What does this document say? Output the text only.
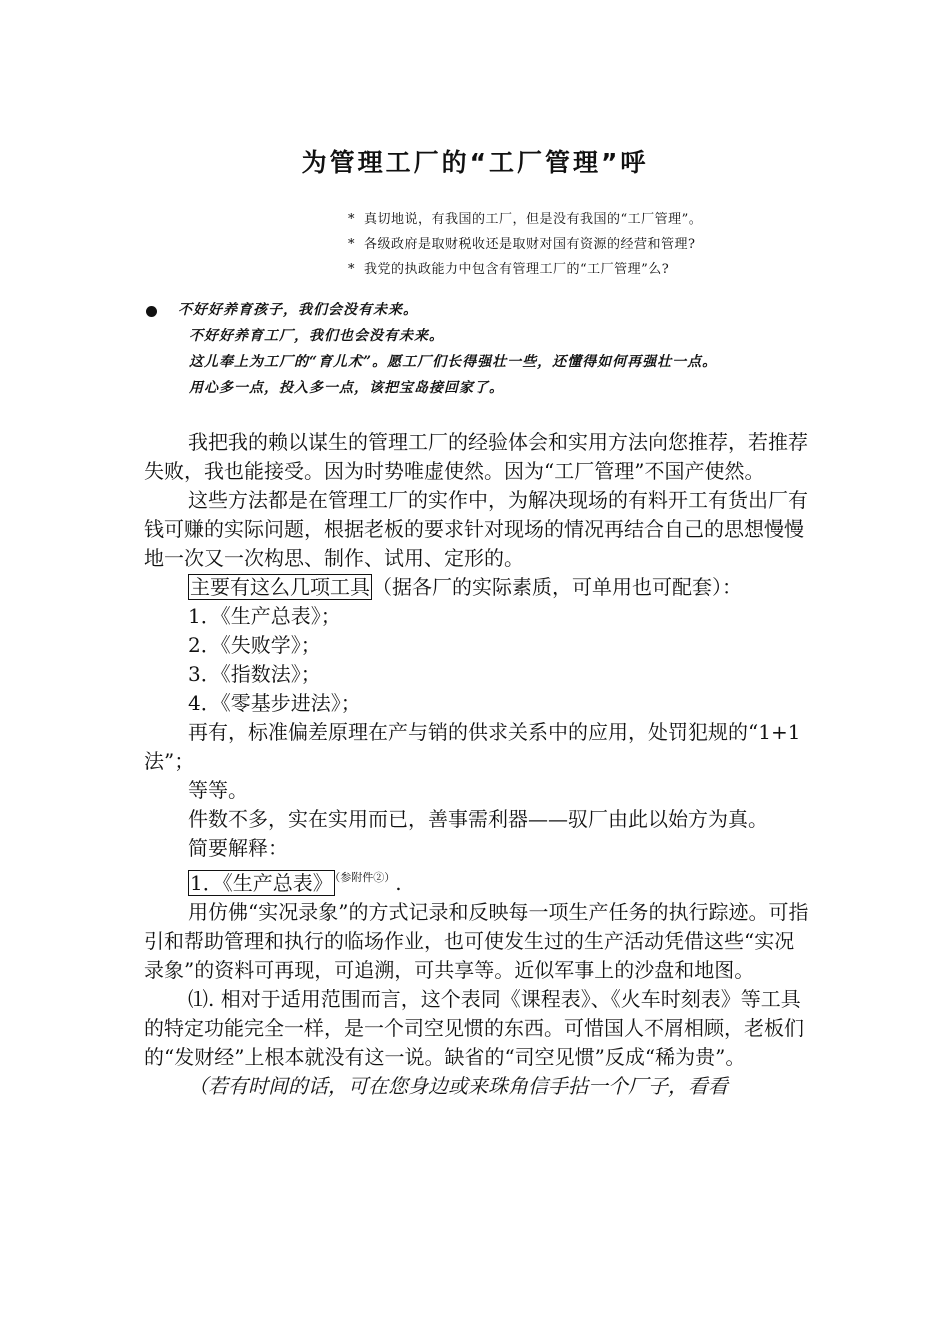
为管理工厂的“工厂管理”呼
* 真切地说，有我国的工厂，但是没有我国的“工厂管理”。
* 各级政府是取财税收还是取财对国有资源的经营和管理?
* 我党的执政能力中包含有管理工厂的“工厂管理”么?
不好好养育孩子，我们会没有未来。
不好好养育工厂，我们也会没有未来。
这儿奉上为工厂的“育儿术”。愿工厂们长得强壮一些，还懂得如何再强壮一点。
用心多一点，投入多一点，该把宝岛接回家了。

我把我的赖以谋生的管理工厂的经验体会和实用方法向您推荐，若推荐失败，我也能接受。因为时势唯虚使然。因为“工厂管理”不国产使然。

这些方法都是在管理工厂的实作中，为解决现场的有料开工有货出厂有钱可赚的实际问题，根据老板的要求针对现场的情况再结合自己的思想慢慢地一次又一次构思、制作、试用、定形的。

主要有这么几项工具 （据各厂的实际素质，可单用也可配套）：

1．《生产总表》；

2．《失败学》；

3．《指数法》；

4．《零基步进法》；

再有，标准偏差原理在产与销的供求关系中的应用，处罚犯规的“1+1法”；

等等。

件数不多，实在实用而已，善事需利器——驭厂由此以始方为真。

简要解释：

1．《生产总表》 $^{(参附件②)}$.

用仿佛“实况录象”的方式记录和反映每一项生产任务的执行踪迹。可指引和帮助管理和执行的临场作业，也可使发生过的生产活动凭借这些“实况录象”的资料可再现，可追溯，可共享等。近似军事上的沙盘和地图。

⑴. 相对于适用范围而言，这个表同《课程表》、《火车时刻表》等工具的特定功能完全一样，是一个司空见惯的东西。可惜国人不屑相顾，老板们的“发财经”上根本就没有这一说。缺省的“司空见惯”反成“稀为贵”。

（若有时间的话，可在您身边或来珠角信手拈一个厂子，看看
